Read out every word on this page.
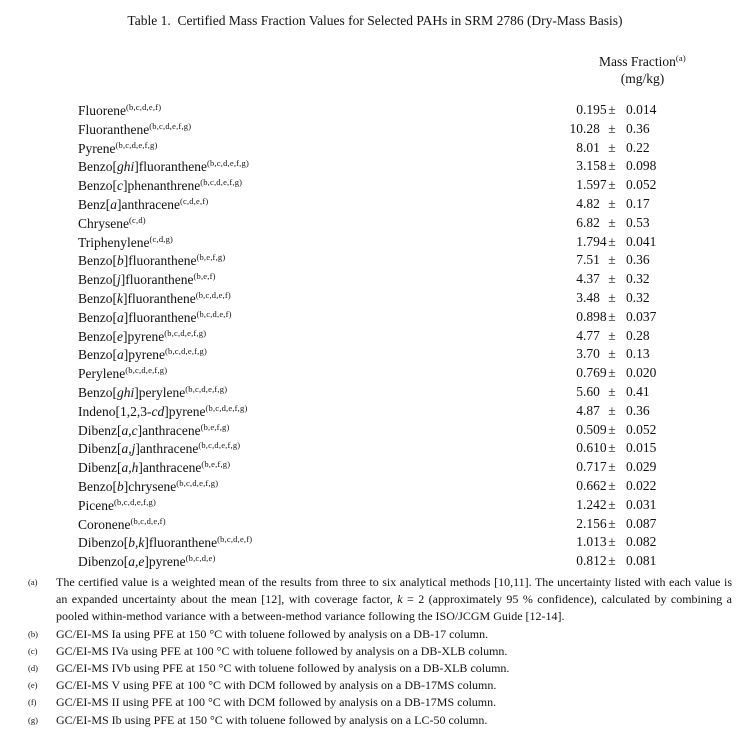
Table 1.  Certified Mass Fraction Values for Selected PAHs in SRM 2786 (Dry-Mass Basis)
Mass Fraction$^{(a)}$
(mg/kg)
Fluorene$^{(b,c,d,e,f)}$	0 .195 ± 0.014
Fluoranthene$^{(b,c,d,e,f,g)}$	10 .28 ± 0.36
Pyrene$^{(b,c,d,e,f,g)}$	8 .01 ± 0.22
Benzo[ghi]fluoranthene$^{(b,c,d,e,f,g)}$	3 .158 ± 0.098
Benzo[c]phenanthrene$^{(b,c,d,e,f,g)}$	1 .597 ± 0.052
Benz[a]anthracene$^{(c,d,e,f)}$	4 .82 ± 0.17
Chrysene$^{(c,d)}$	6 .82 ± 0.53
Triphenylene$^{(c,d,g)}$	1 .794 ± 0.041
Benzo[b]fluoranthene$^{(b,e,f,g)}$	7 .51 ± 0.36
Benzo[j]fluoranthene$^{(b,e,f)}$	4 .37 ± 0.32
Benzo[k]fluoranthene$^{(b,c,d,e,f)}$	3 .48 ± 0.32
Benzo[a]fluoranthene$^{(b,c,d,e,f)}$	0 .898 ± 0.037
Benzo[e]pyrene$^{(b,c,d,e,f,g)}$	4 .77 ± 0.28
Benzo[a]pyrene$^{(b,c,d,e,f,g)}$	3 .70 ± 0.13
Perylene$^{(b,c,d,e,f,g)}$	0 .769 ± 0.020
Benzo[ghi]perylene$^{(b,c,d,e,f,g)}$	5 .60 ± 0.41
Indeno[1,2,3-cd]pyrene$^{(b,c,d,e,f,g)}$	4 .87 ± 0.36
Dibenz[a,c]anthracene$^{(b,e,f,g)}$	0 .509 ± 0.052
Dibenz[a,j]anthracene$^{(b,c,d,e,f,g)}$	0 .610 ± 0.015
Dibenz[a,h]anthracene$^{(b,e,f,g)}$	0 .717 ± 0.029
Benzo[b]chrysene$^{(b,c,d,e,f,g)}$	0 .662 ± 0.022
Picene$^{(b,c,d,e,f,g)}$	1 .242 ± 0.031
Coronene$^{(b,c,d,e,f)}$	2 .156 ± 0.087
Dibenzo[b,k]fluoranthene$^{(b,c,d,e,f)}$	1 .013 ± 0.082
Dibenzo[a,e]pyrene$^{(b,c,d,e)}$	0 .812 ± 0.081
(a) The certified value is a weighted mean of the results from three to six analytical methods [10,11]. The uncertainty listed with each value is an expanded uncertainty about the mean [12], with coverage factor, k = 2 (approximately 95 % confidence), calculated by combining a pooled within-method variance with a between-method variance following the ISO/JCGM Guide [12-14].
(b) GC/EI-MS Ia using PFE at 150 °C with toluene followed by analysis on a DB-17 column.
(c) GC/EI-MS IVa using PFE at 100 °C with toluene followed by analysis on a DB-XLB column.
(d) GC/EI-MS IVb using PFE at 150 °C with toluene followed by analysis on a DB-XLB column.
(e) GC/EI-MS V using PFE at 100 °C with DCM followed by analysis on a DB-17MS column.
(f) GC/EI-MS II using PFE at 100 °C with DCM followed by analysis on a DB-17MS column.
(g) GC/EI-MS Ib using PFE at 150 °C with toluene followed by analysis on a LC-50 column.
